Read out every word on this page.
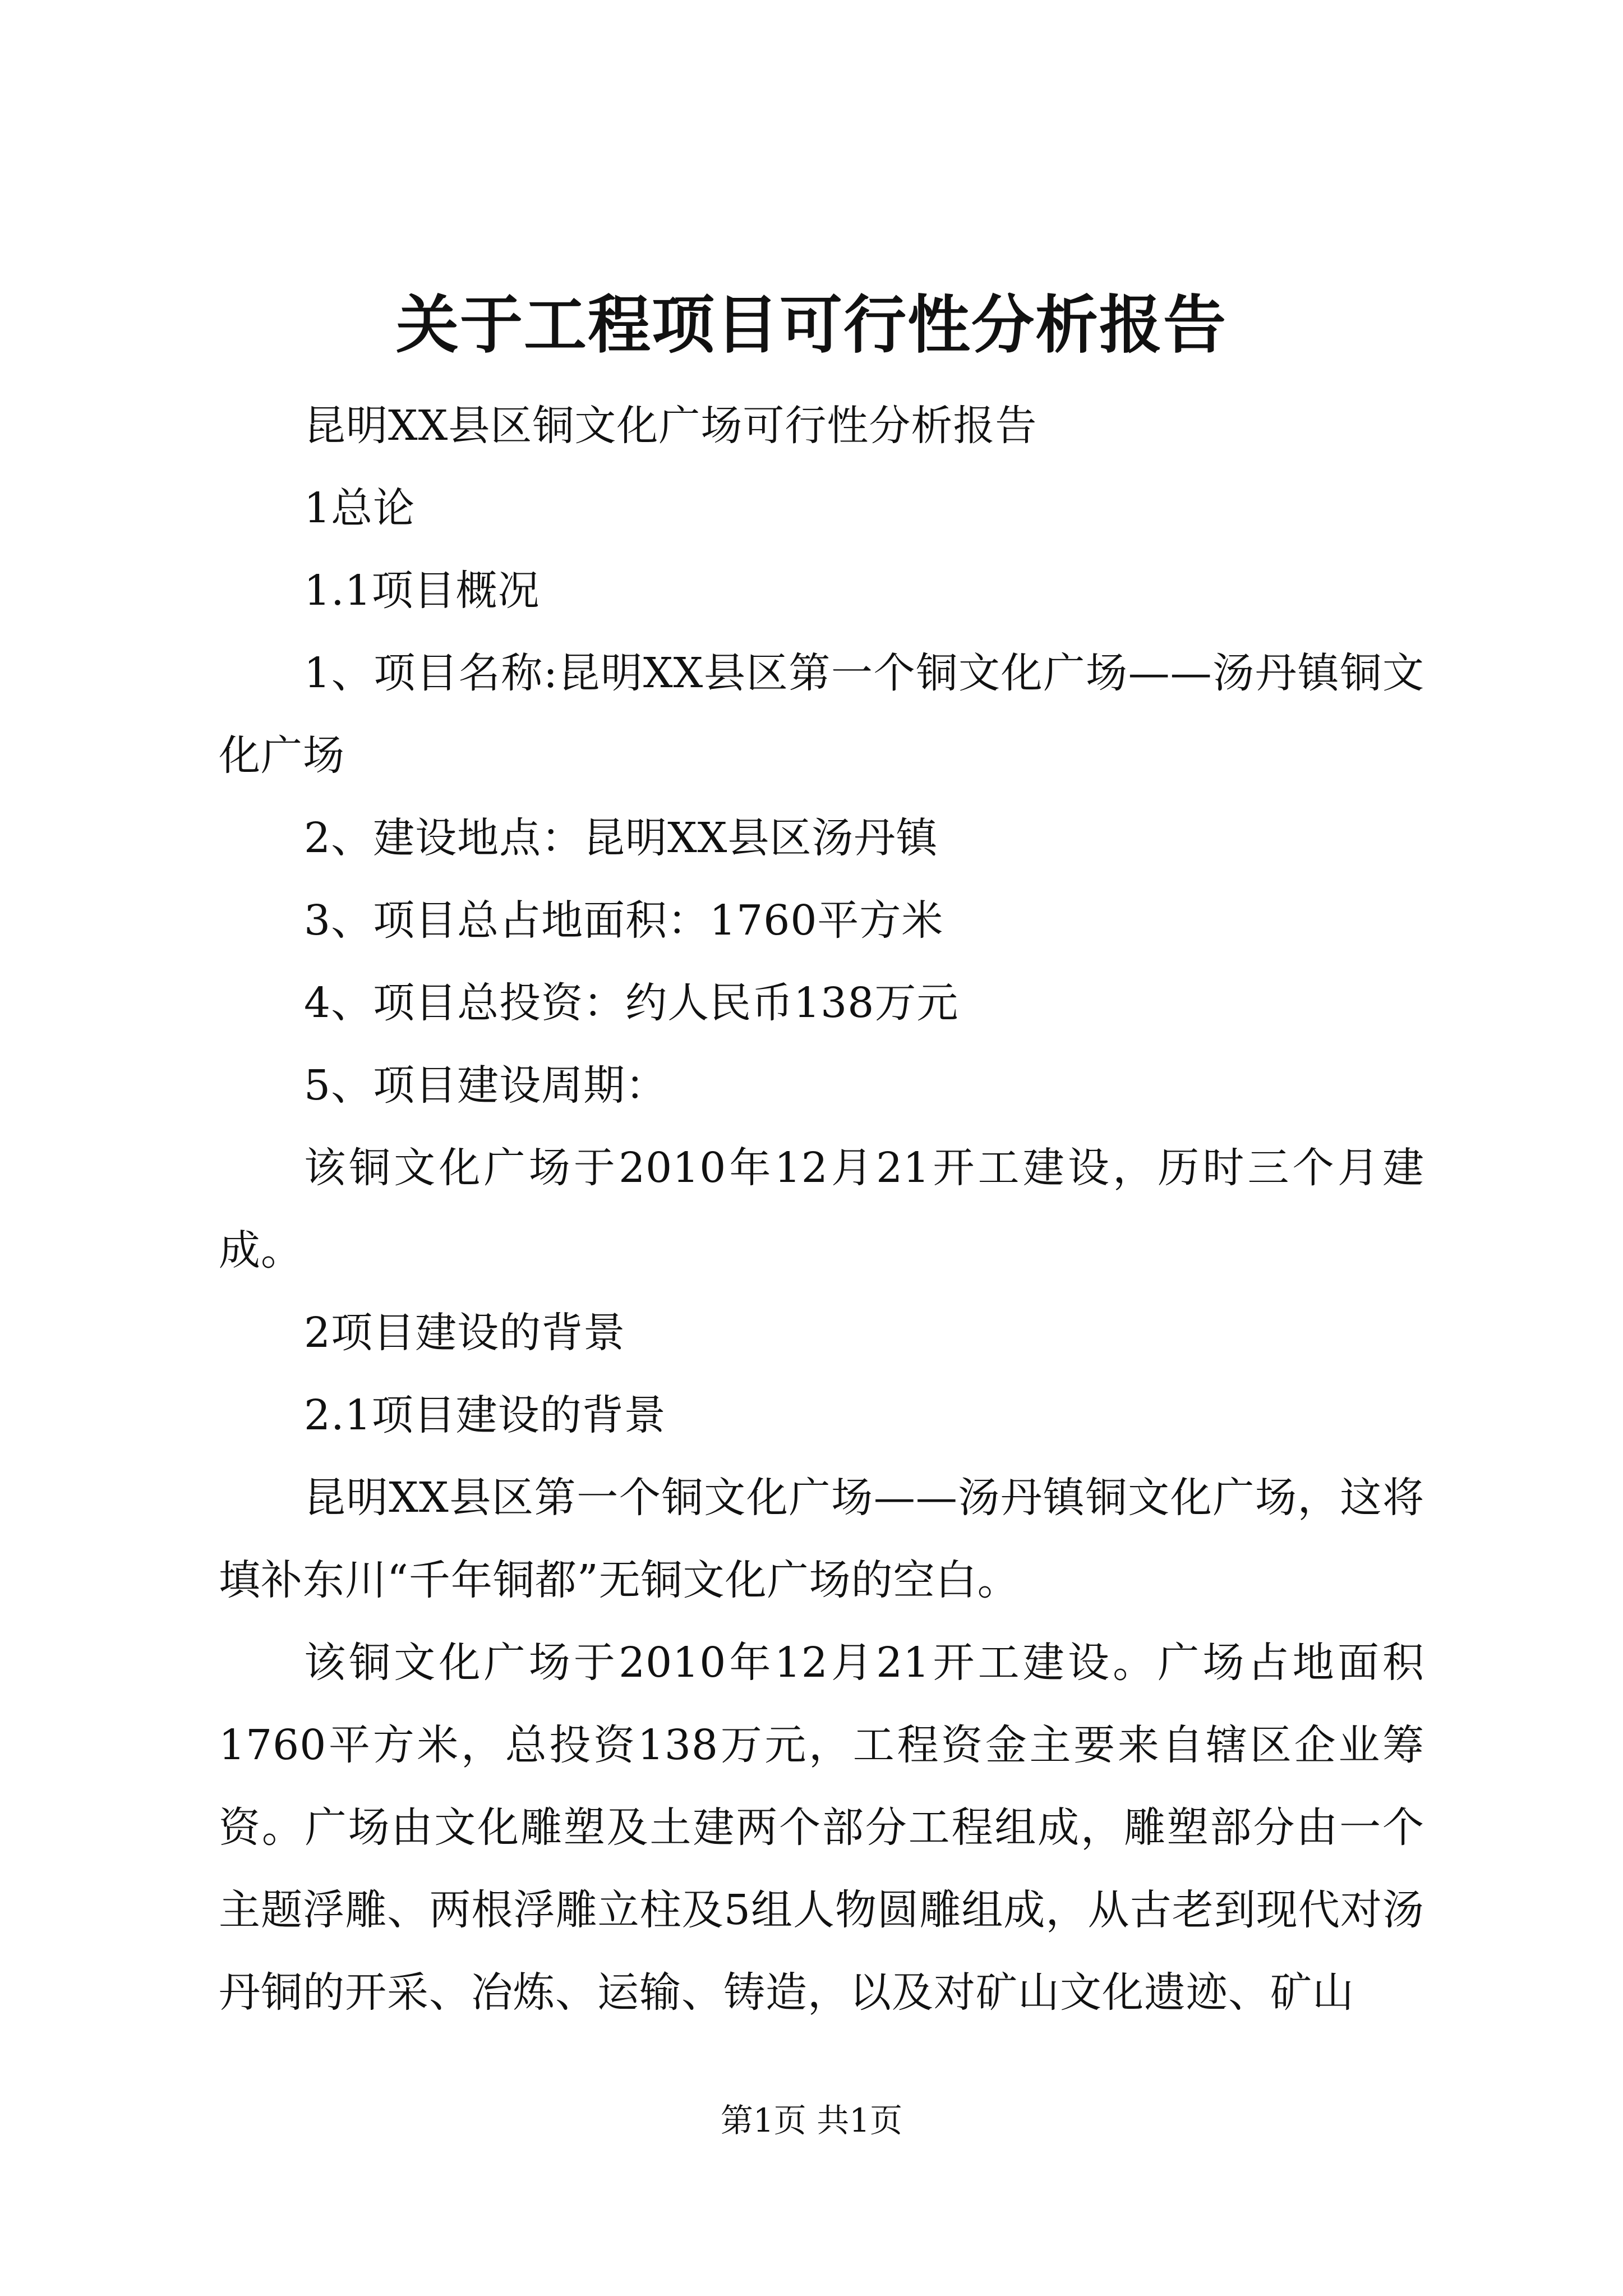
关于工程项目可行性分析报告

昆明XX县区铜文化广场可行性分析报告

1总论

1.1项目概况

1、项目名称:昆明XX县区第一个铜文化广场——汤丹镇铜文化广场

2、建设地点：昆明XX县区汤丹镇

3、项目总占地面积：1760平方米

4、项目总投资：约人民币138万元

5、项目建设周期：

该铜文化广场于2010年12月21开工建设，历时三个月建成。

2项目建设的背景

2.1项目建设的背景

昆明XX县区第一个铜文化广场——汤丹镇铜文化广场，这将填补东川“千年铜都”无铜文化广场的空白。

该铜文化广场于2010年12月21开工建设。广场占地面积1760平方米，总投资138万元，工程资金主要来自辖区企业筹资。广场由文化雕塑及土建两个部分工程组成，雕塑部分由一个主题浮雕、两根浮雕立柱及5组人物圆雕组成，从古老到现代对汤丹铜的开采、冶炼、运输、铸造，以及对矿山文化遗迹、矿山

第1页 共1页
